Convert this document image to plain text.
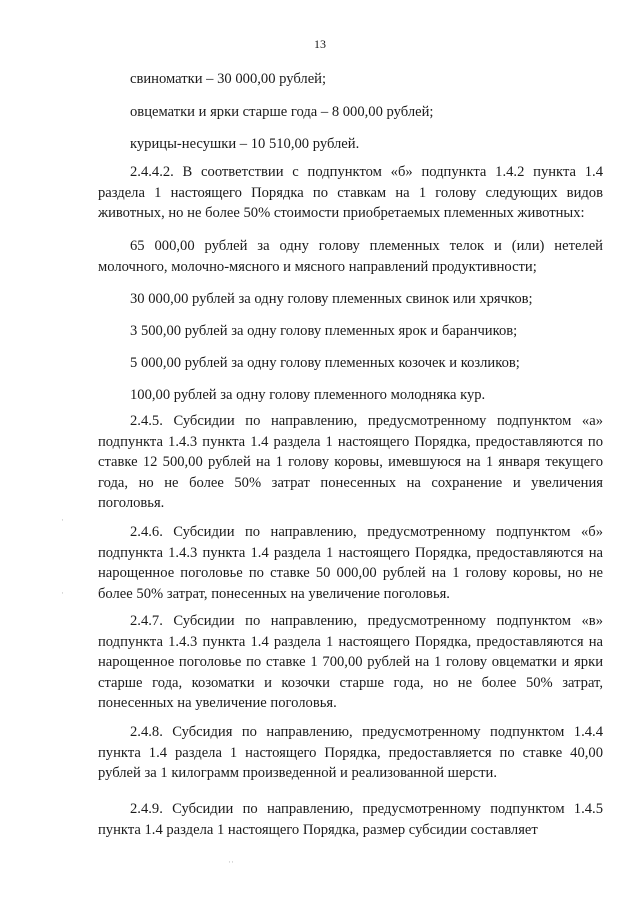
13

свиноматки – 30 000,00 рублей;

овцематки и ярки старше года – 8 000,00 рублей;

курицы-несушки – 10 510,00 рублей.

2.4.4.2. В соответствии с подпунктом «б» подпункта 1.4.2 пункта 1.4 раздела 1 настоящего Порядка по ставкам на 1 голову следующих видов животных, но не более 50% стоимости приобретаемых племенных животных:

65 000,00 рублей за одну голову племенных телок и (или) нетелей молочного, молочно-мясного и мясного направлений продуктивности;

30 000,00 рублей за одну голову племенных свинок или хрячков;

3 500,00 рублей за одну голову племенных ярок и баранчиков;

5 000,00 рублей за одну голову племенных козочек и козликов;

100,00 рублей за одну голову племенного молодняка кур.

2.4.5. Субсидии по направлению, предусмотренному подпунктом «а» подпункта 1.4.3 пункта 1.4 раздела 1 настоящего Порядка, предоставляются по ставке 12 500,00 рублей на 1 голову коровы, имевшуюся на 1 января текущего года, но не более 50% затрат понесенных на сохранение и увеличения поголовья.

2.4.6. Субсидии по направлению, предусмотренному подпунктом «б» подпункта 1.4.3 пункта 1.4 раздела 1 настоящего Порядка, предоставляются на нарощенное поголовье по ставке 50 000,00 рублей на 1 голову коровы, но не более 50% затрат, понесенных на увеличение поголовья.

2.4.7. Субсидии по направлению, предусмотренному подпунктом «в» подпункта 1.4.3 пункта 1.4 раздела 1 настоящего Порядка, предоставляются на нарощенное поголовье по ставке 1 700,00 рублей на 1 голову овцематки и ярки старше года, козоматки и козочки старше года, но не более 50% затрат, понесенных на увеличение поголовья.

2.4.8. Субсидия по направлению, предусмотренному подпунктом 1.4.4 пункта 1.4 раздела 1 настоящего Порядка, предоставляется по ставке 40,00 рублей за 1 килограмм произведенной и реализованной шерсти.

2.4.9. Субсидии по направлению, предусмотренному подпунктом 1.4.5 пункта 1.4 раздела 1 настоящего Порядка, размер субсидии составляет

·
·
··
